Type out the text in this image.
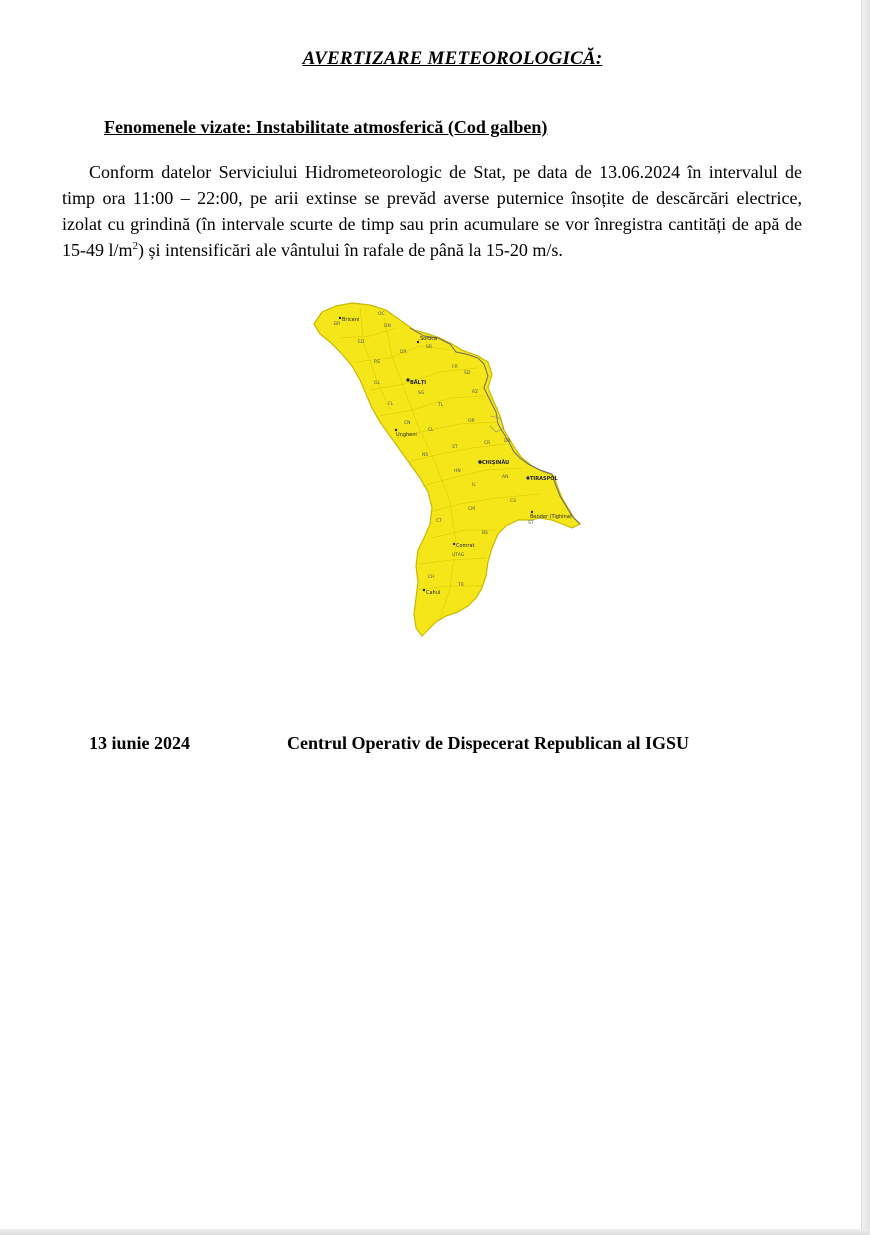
AVERTIZARE METEOROLOGICĂ:
Fenomenele vizate: Instabilitate atmosferică (Cod galben)
Conform datelor Serviciului Hidrometeorologic de Stat, pe data de 13.06.2024 în intervalul de timp ora 11:00 – 22:00, pe arii extinse se prevăd averse puternice însoțite de descărcări electrice, izolat cu grindină (în intervale scurte de timp sau prin acumulare se vor înregistra cantități de apă de 15-49 $l/m^2$) și intensificări ale vântului în rafale de până la 15-20 m/s.
BR
OC
ED
DN
SR
DR
FR
SD
RS
GL
SG	RZ
FL	TL
OR
CN
CL
CR	DB
NS
ST
HN
IL
AN
CS
CM
BS
CT
UTAG
CH
TR
ST
Briceni
Soroca
BĂLȚI
Ungheni
CHIȘINĂU
TIRASPOL
Bender (Tighina)
Comrat
Cahul
13 iunie 2024	Centrul Operativ de Dispecerat Republican al IGSU
